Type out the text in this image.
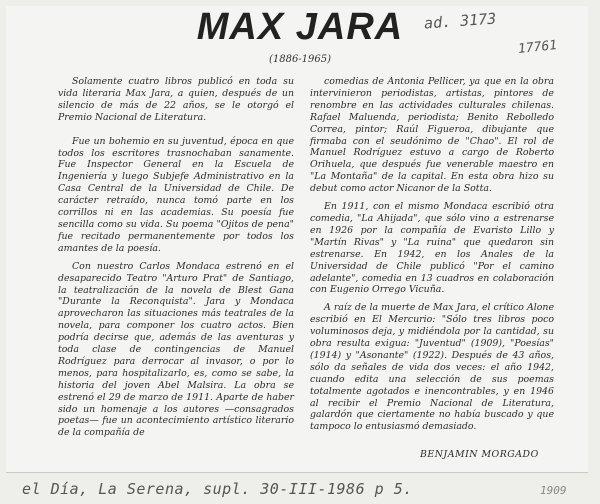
MAX JARA
(1886-1965)

Solamente cuatro libros publicó en toda su vida literaria Max Jara, a quien, después de un silencio de más de 22 años, se le otorgó el Premio Nacional de Literatura.

Fue un bohemio en su juventud, época en que todos los escritores trasnochaban sanamente. Fue Inspector General en la Escuela de Ingeniería y luego Subjefe Administrativo en la Casa Central de la Universidad de Chile. De carácter retraído, nunca tomó parte en los corrillos ni en las academias. Su poesía fue sencilla como su vida. Su poema "Ojitos de pena" fue recitado permanentemente por todos los amantes de la poesía.

Con nuestro Carlos Mondaca estrenó en el desaparecido Teatro "Arturo Prat" de Santiago, la teatralización de la novela de Blest Gana "Durante la Reconquista". Jara y Mondaca aprovecharon las situaciones más teatrales de la novela, para componer los cuatro actos. Bien podría decirse que, además de las aventuras y toda clase de contingencias de Manuel Rodríguez para derrocar al invasor, o por lo menos, para hospitalizarlo, es, como se sabe, la historia del joven Abel Malsira. La obra se estrenó el 29 de marzo de 1911. Aparte de haber sido un homenaje a los autores —consagrados poetas— fue un acontecimiento artístico literario de la compañía de

comedias de Antonia Pellicer, ya que en la obra intervinieron periodistas, artistas, pintores de renombre en las actividades culturales chilenas. Rafael Maluenda, periodista; Benito Rebolledo Correa, pintor; Raúl Figueroa, dibujante que firmaba con el seudónimo de "Chao". El rol de Manuel Rodríguez estuvo a cargo de Roberto Orihuela, que después fue venerable maestro en "La Montaña" de la capital. En esta obra hizo su debut como actor Nicanor de la Sotta.

En 1911, con el mismo Mondaca escribió otra comedia, "La Ahijada", que sólo vino a estrenarse en 1926 por la compañía de Evaristo Lillo y "Martín Rivas" y "La ruina" que quedaron sin estrenarse. En 1942, en los Anales de la Universidad de Chile publicó "Por el camino adelante", comedia en 13 cuadros en colaboración con Eugenio Orrego Vicuña.

A raíz de la muerte de Max Jara, el crítico Alone escribió en El Mercurio: "Sólo tres libros poco voluminosos deja, y midiéndola por la cantidad, su obra resulta exigua: "Juventud" (1909), "Poesías" (1914) y "Asonante" (1922). Después de 43 años, sólo da señales de vida dos veces: el año 1942, cuando edita una selección de sus poemas totalmente agotados e inencontrables, y en 1946 al recibir el Premio Nacional de Literatura, galardón que ciertamente no había buscado y que tampoco lo entusiasmó demasiado.

BENJAMIN MORGADO
ad. 3173
17761
el Día, La Serena, supl. 30-III-1986 p 5.	1909
